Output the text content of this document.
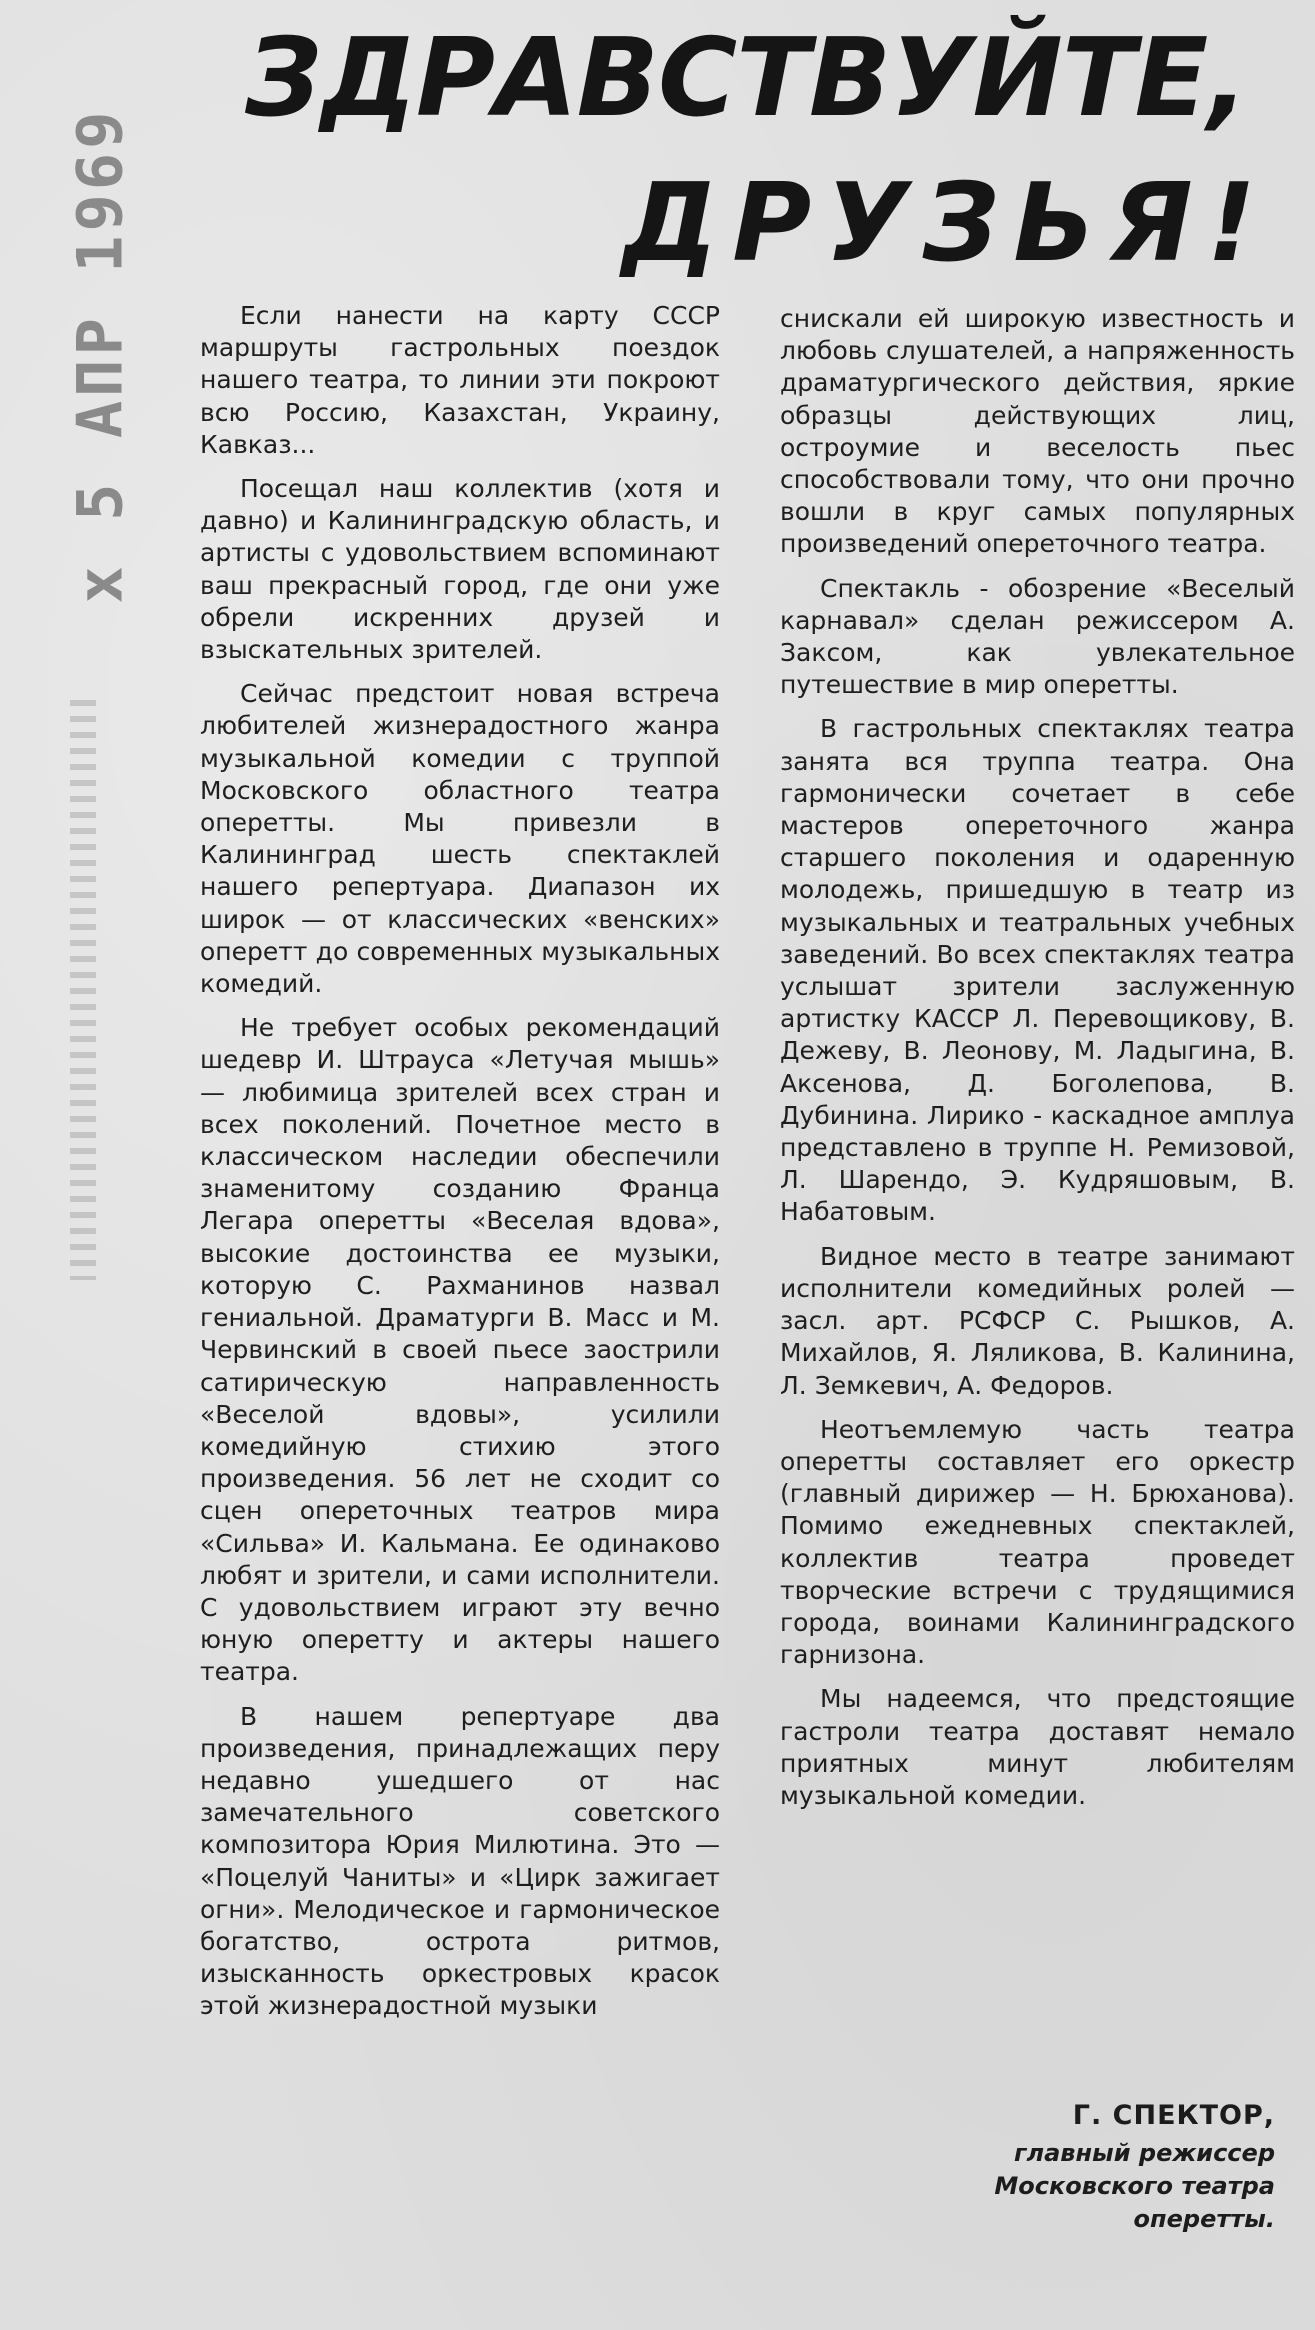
x 5 АПР 1969
ЗДРАВСТВУЙТЕ,
ДРУЗЬЯ!

Если нанести на карту СССР маршруты гастрольных поездок нашего театра, то линии эти покроют всю Россию, Казахстан, Украину, Кавказ...

Посещал наш коллектив (хотя и давно) и Калининградскую область, и артисты с удовольствием вспоминают ваш прекрасный город, где они уже обрели искренних друзей и взыскательных зрителей.

Сейчас предстоит новая встреча любителей жизнерадостного жанра музыкальной комедии с труппой Московского областного театра оперетты. Мы привезли в Калининград шесть спектаклей нашего репертуара. Диапазон их широк — от классических «венских» оперетт до современных музыкальных комедий.

Не требует особых рекомендаций шедевр И. Штрауса «Летучая мышь» — любимица зрителей всех стран и всех поколений. Почетное место в классическом наследии обеспечили знаменитому созданию Франца Легара оперетты «Веселая вдова», высокие достоинства ее музыки, которую С. Рахманинов назвал гениальной. Драматурги В. Масс и М. Червинский в своей пьесе заострили сатирическую направленность «Веселой вдовы», усилили комедийную стихию этого произведения. 56 лет не сходит со сцен опереточных театров мира «Сильва» И. Кальмана. Ее одинаково любят и зрители, и сами исполнители. С удовольствием играют эту вечно юную оперетту и актеры нашего театра.

В нашем репертуаре два произведения, принадлежащих перу недавно ушедшего от нас замечательного советского композитора Юрия Милютина. Это — «Поцелуй Чаниты» и «Цирк зажигает огни». Мелодическое и гармоническое богатство, острота ритмов, изысканность оркестровых красок этой жизнерадостной музыки

снискали ей широкую известность и любовь слушателей, а напряженность драматургического действия, яркие образцы действующих лиц, остроумие и веселость пьес способствовали тому, что они прочно вошли в круг самых популярных произведений опереточного театра.

Спектакль - обозрение «Веселый карнавал» сделан режиссером А. Заксом, как увлекательное путешествие в мир оперетты.

В гастрольных спектаклях театра занята вся труппа театра. Она гармонически сочетает в себе мастеров опереточного жанра старшего поколения и одаренную молодежь, пришедшую в театр из музыкальных и театральных учебных заведений. Во всех спектаклях театра услышат зрители заслуженную артистку КАССР Л. Перевощикову, В. Дежеву, В. Леонову, М. Ладыгина, В. Аксенова, Д. Боголепова, В. Дубинина. Лирико - каскадное амплуа представлено в труппе Н. Ремизовой, Л. Шарендо, Э. Кудряшовым, В. Набатовым.

Видное место в театре занимают исполнители комедийных ролей — засл. арт. РСФСР С. Рышков, А. Михайлов, Я. Ляликова, В. Калинина, Л. Земкевич, А. Федоров.

Неотъемлемую часть театра оперетты составляет его оркестр (главный дирижер — Н. Брюханова). Помимо ежедневных спектаклей, коллектив театра проведет творческие встречи с трудящимися города, воинами Калининградского гарнизона.

Мы надеемся, что предстоящие гастроли театра доставят немало приятных минут любителям музыкальной комедии.

Г. СПЕКТОР,
главный режиссер
Московского театра
оперетты.
